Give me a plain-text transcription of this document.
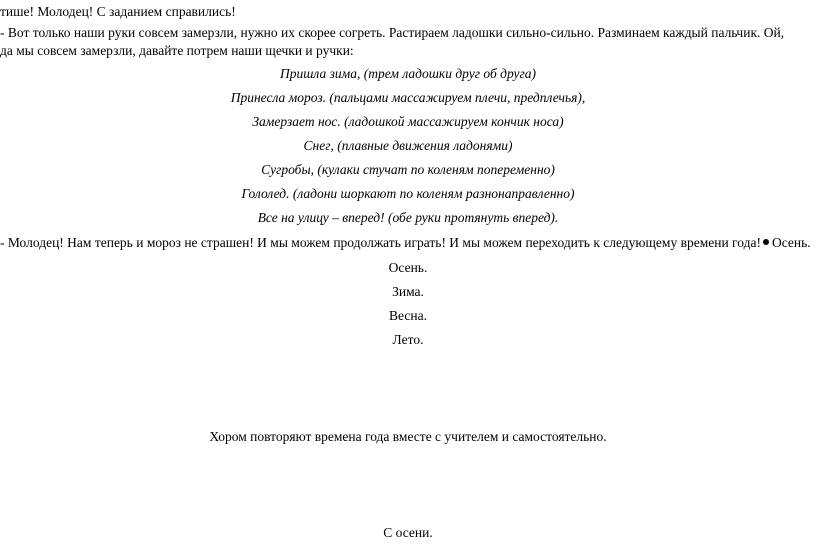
тише! Молодец! С заданием справились!
- Вот только наши руки совсем замерзли, нужно их скорее согреть. Растираем ладошки сильно-сильно. Разминаем каждый пальчик. Ой, да мы совсем замерзли, давайте потрем наши щечки и ручки:
Пришла зима, (трем ладошки друг об друга)
Принесла мороз. (пальцами массажируем плечи, предплечья),
Замерзает нос. (ладошкой массажируем кончик носа)
Снег, (плавные движения ладонями)
Сугробы, (кулаки стучат по коленям попеременно)
Гололед. (ладони шоркают по коленям разнонаправленно)
Все на улицу – вперед! (обе руки протянуть вперед).
- Молодец! Нам теперь и мороз не страшен! И мы можем продолжать играть! И мы можем переходить к следующему времени года! Осень.
Осень.
Зима.
Весна.
Лето.
Хором повторяют времена года вместе с учителем и самостоятельно.
С осени.
